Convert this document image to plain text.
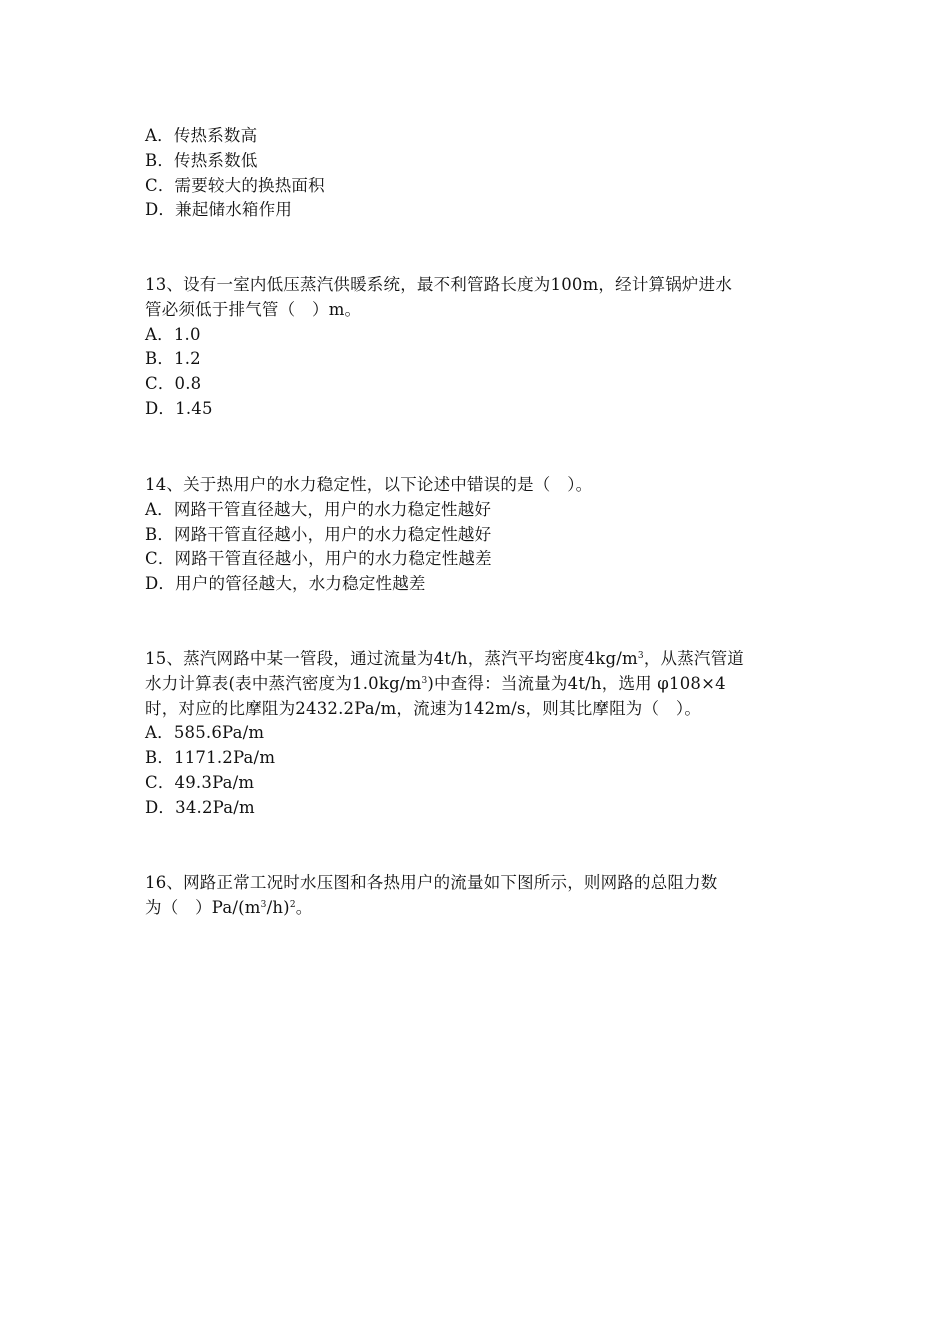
A．传热系数高
B．传热系数低
C．需要较大的换热面积
D．兼起储水箱作用
13、设有一室内低压蒸汽供暖系统，最不利管路长度为100m，经计算锅炉进水
管必须低于排气管（　）m。
A．1.0
B．1.2
C．0.8
D．1.45
14、关于热用户的水力稳定性，以下论述中错误的是（　）。
A．网路干管直径越大，用户的水力稳定性越好
B．网路干管直径越小，用户的水力稳定性越好
C．网路干管直径越小，用户的水力稳定性越差
D．用户的管径越大，水力稳定性越差
15、蒸汽网路中某一管段，通过流量为4t/h，蒸汽平均密度$4kg/m^3$，从蒸汽管道
水力计算表(表中蒸汽密度为$1.0kg/m^3$)中查得：当流量为4t/h，选用 φ108×4
时，对应的比摩阻为2432.2Pa/m，流速为142m/s，则其比摩阻为（　）。
A．585.6Pa/m
B．1171.2Pa/m
C．49.3Pa/m
D．34.2Pa/m
16、网路正常工况时水压图和各热用户的流量如下图所示，则网路的总阻力数
为（　）$Pa/(m^3/h)^2$。
